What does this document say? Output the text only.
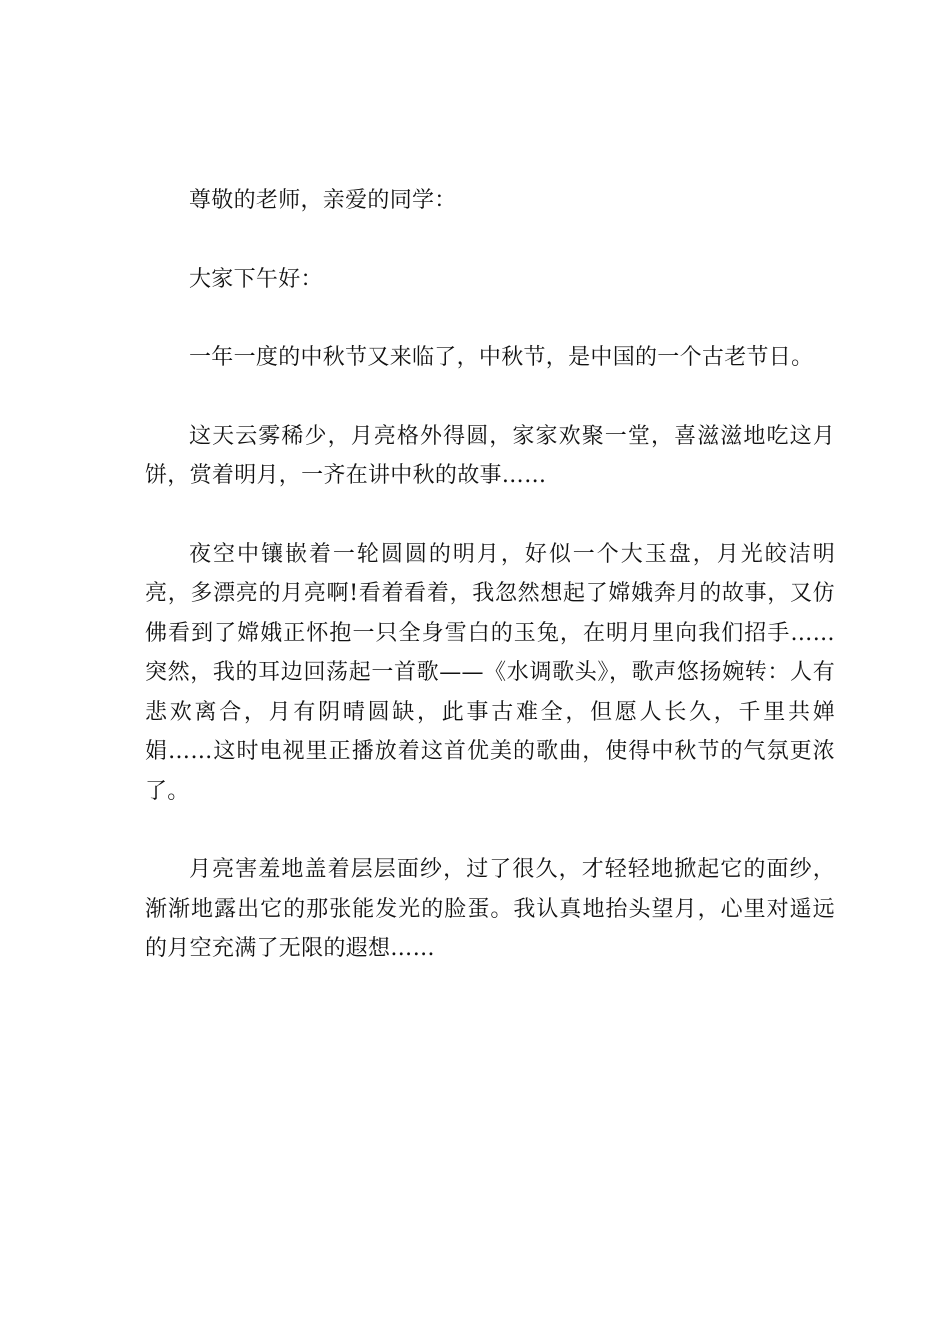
尊敬的老师，亲爱的同学：

大家下午好：

一年一度的中秋节又来临了，中秋节，是中国的一个古老节日。

这天云雾稀少，月亮格外得圆，家家欢聚一堂，喜滋滋地吃这月饼，赏着明月，一齐在讲中秋的故事……

夜空中镶嵌着一轮圆圆的明月，好似一个大玉盘，月光皎洁明亮，多漂亮的月亮啊!看着看着，我忽然想起了嫦娥奔月的故事，又仿佛看到了嫦娥正怀抱一只全身雪白的玉兔，在明月里向我们招手……突然，我的耳边回荡起一首歌——《水调歌头》，歌声悠扬婉转：人有悲欢离合，月有阴晴圆缺，此事古难全，但愿人长久，千里共婵娟……这时电视里正播放着这首优美的歌曲，使得中秋节的气氛更浓了。

月亮害羞地盖着层层面纱，过了很久，才轻轻地掀起它的面纱，渐渐地露出它的那张能发光的脸蛋。我认真地抬头望月，心里对遥远的月空充满了无限的遐想……
